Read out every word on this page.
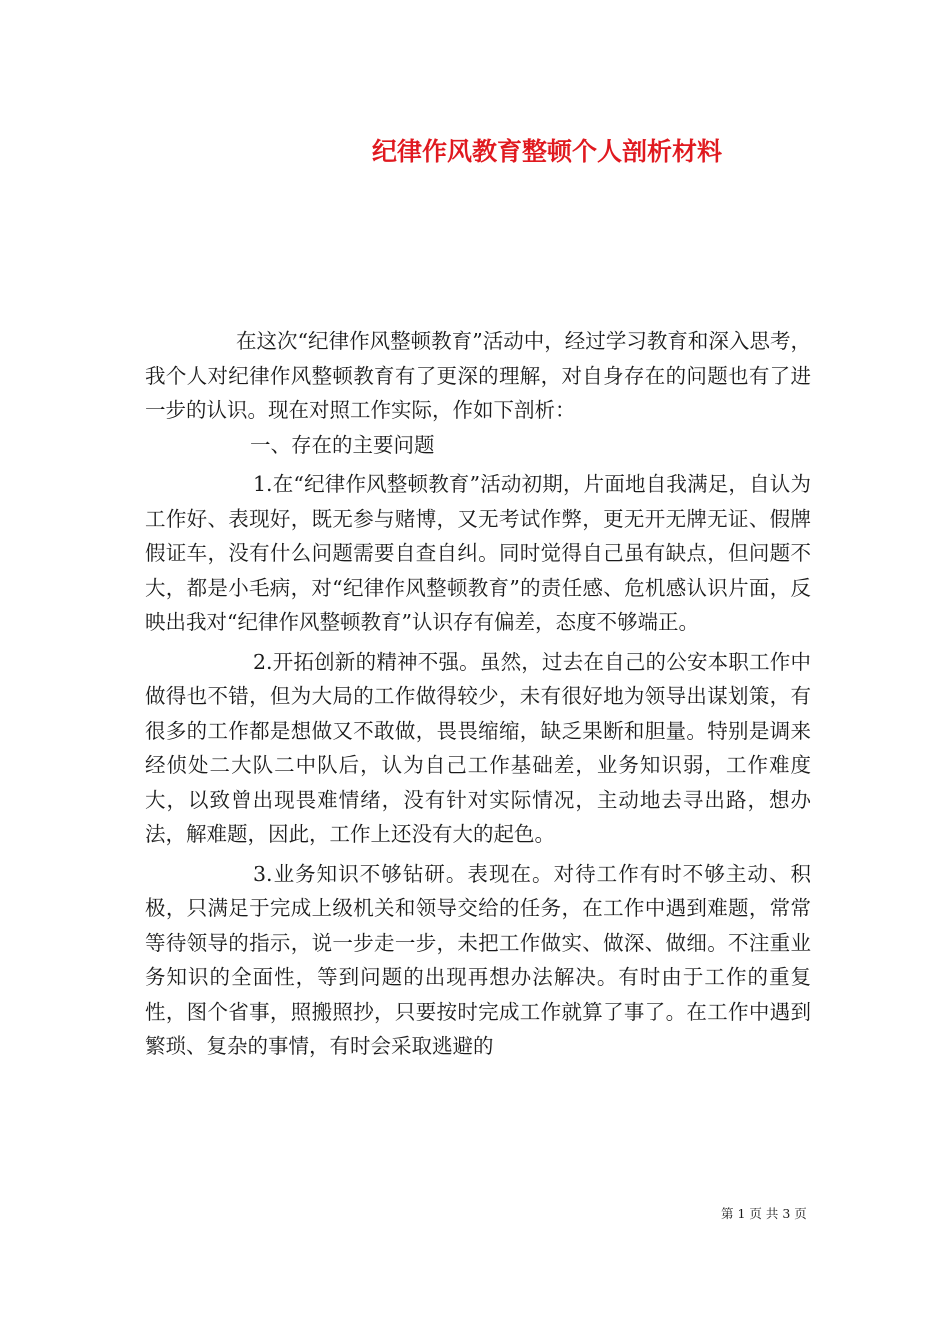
纪律作风教育整顿个人剖析材料

在这次“纪律作风整顿教育”活动中，经过学习教育和深入思考，我个人对纪律作风整顿教育有了更深的理解，对自身存在的问题也有了进一步的认识。现在对照工作实际，作如下剖析：

一、存在的主要问题

1.在“纪律作风整顿教育”活动初期，片面地自我满足，自认为工作好、表现好，既无参与赌博，又无考试作弊，更无开无牌无证、假牌假证车，没有什么问题需要自查自纠。同时觉得自己虽有缺点，但问题不大，都是小毛病，对“纪律作风整顿教育”的责任感、危机感认识片面，反映出我对“纪律作风整顿教育”认识存有偏差，态度不够端正。

2.开拓创新的精神不强。虽然，过去在自己的公安本职工作中做得也不错，但为大局的工作做得较少，未有很好地为领导出谋划策，有很多的工作都是想做又不敢做，畏畏缩缩，缺乏果断和胆量。特别是调来经侦处二大队二中队后，认为自己工作基础差，业务知识弱，工作难度大，以致曾出现畏难情绪，没有针对实际情况，主动地去寻出路，想办法，解难题，因此，工作上还没有大的起色。

3.业务知识不够钻研。表现在。对待工作有时不够主动、积极，只满足于完成上级机关和领导交给的任务，在工作中遇到难题，常常等待领导的指示，说一步走一步，未把工作做实、做深、做细。不注重业务知识的全面性，等到问题的出现再想办法解决。有时由于工作的重复性，图个省事，照搬照抄，只要按时完成工作就算了事了。在工作中遇到繁琐、复杂的事情，有时会采取逃避的

第 1 页 共 3 页
